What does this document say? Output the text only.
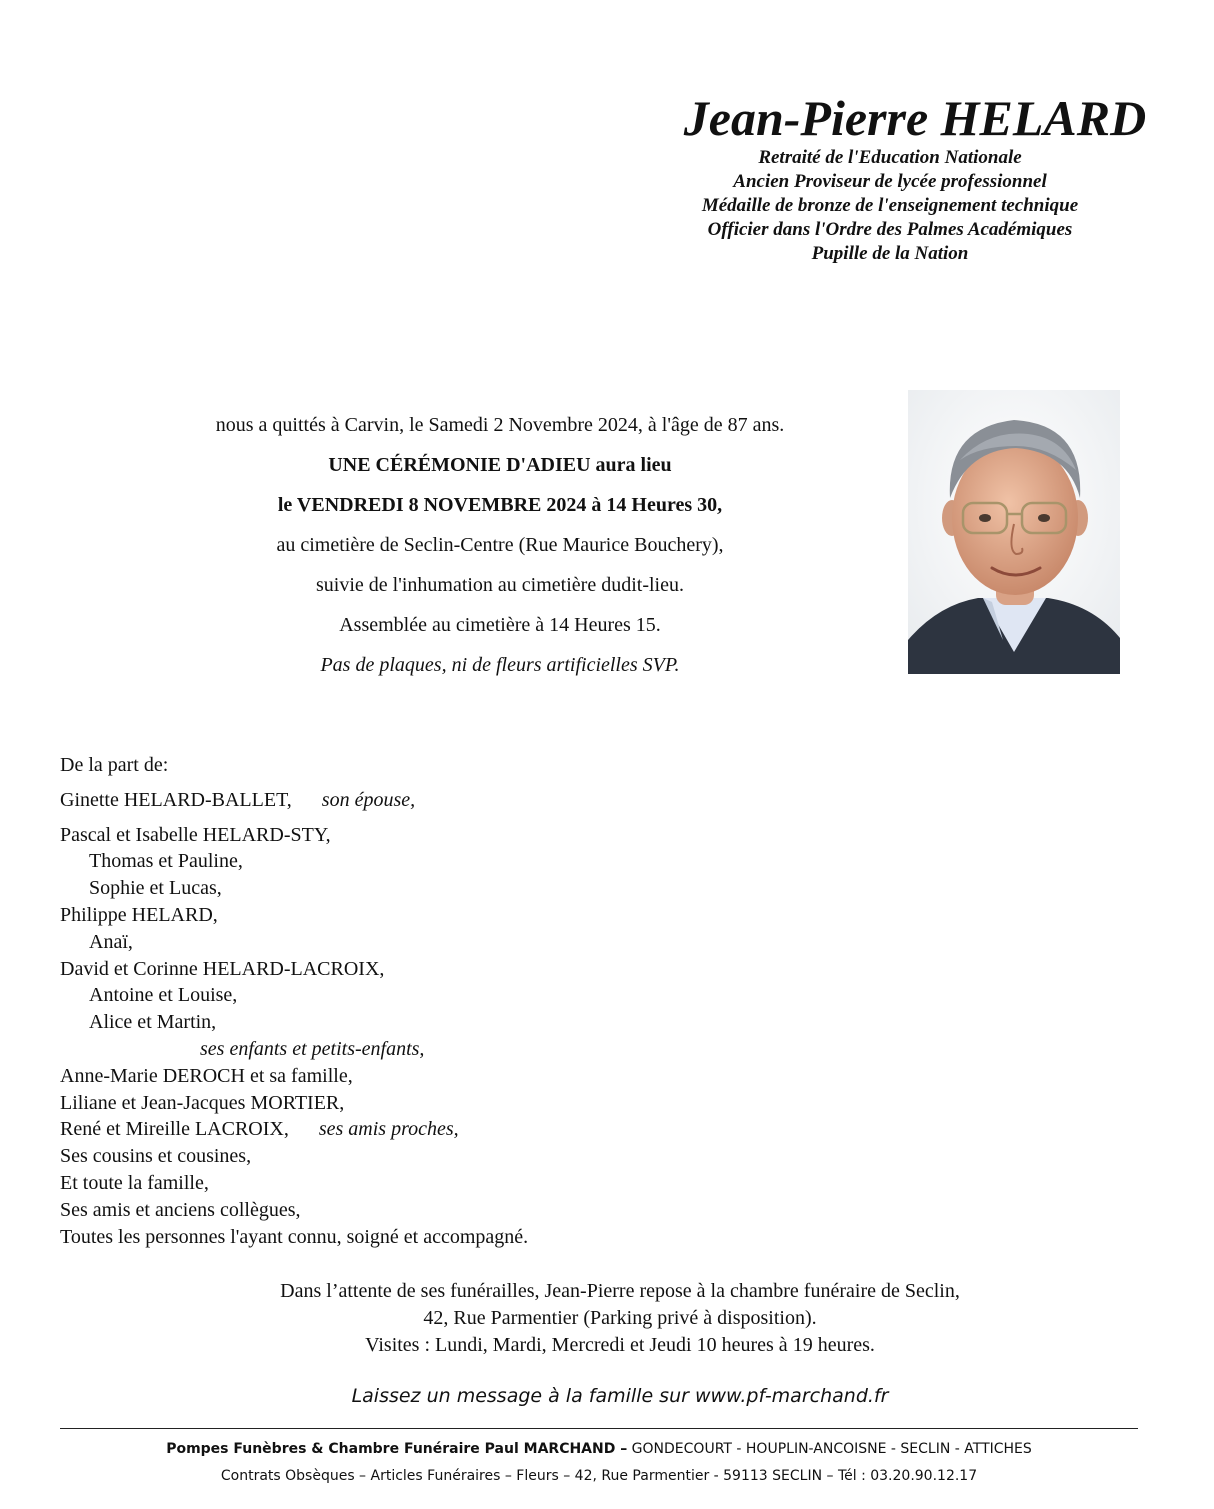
Jean-Pierre HELARD
Retraité de l'Education Nationale
Ancien Proviseur de lycée professionnel
Médaille de bronze de l'enseignement technique
Officier dans l'Ordre des Palmes Académiques
Pupille de la Nation
nous a quittés à Carvin, le Samedi 2 Novembre 2024, à l'âge de 87 ans.
UNE CÉRÉMONIE D'ADIEU aura lieu
le VENDREDI 8 NOVEMBRE 2024 à 14 Heures 30,
au cimetière de Seclin-Centre (Rue Maurice Bouchery),
suivie de l'inhumation au cimetière dudit-lieu.
Assemblée au cimetière à 14 Heures 15.
Pas de plaques, ni de fleurs artificielles SVP.
De la part de:
Ginette HELARD-BALLET, son épouse,
Pascal et Isabelle HELARD-STY,
Thomas et Pauline,
Sophie et Lucas,
Philippe HELARD,
Anaï,
David et Corinne HELARD-LACROIX,
Antoine et Louise,
Alice et Martin,
ses enfants et petits-enfants,
Anne-Marie DEROCH et sa famille,
Liliane et Jean-Jacques MORTIER,
René et Mireille LACROIX, ses amis proches,
Ses cousins et cousines,
Et toute la famille,
Ses amis et anciens collègues,
Toutes les personnes l'ayant connu, soigné et accompagné.
Dans l’attente de ses funérailles, Jean-Pierre repose à la chambre funéraire de Seclin,
42, Rue Parmentier (Parking privé à disposition).
Visites : Lundi, Mardi, Mercredi et Jeudi 10 heures à 19 heures.
Laissez un message à la famille sur www.pf-marchand.fr
Pompes Funèbres & Chambre Funéraire Paul MARCHAND – GONDECOURT - HOUPLIN-ANCOISNE - SECLIN - ATTICHES
Contrats Obsèques – Articles Funéraires – Fleurs – 42, Rue Parmentier - 59113 SECLIN – Tél : 03.20.90.12.17
